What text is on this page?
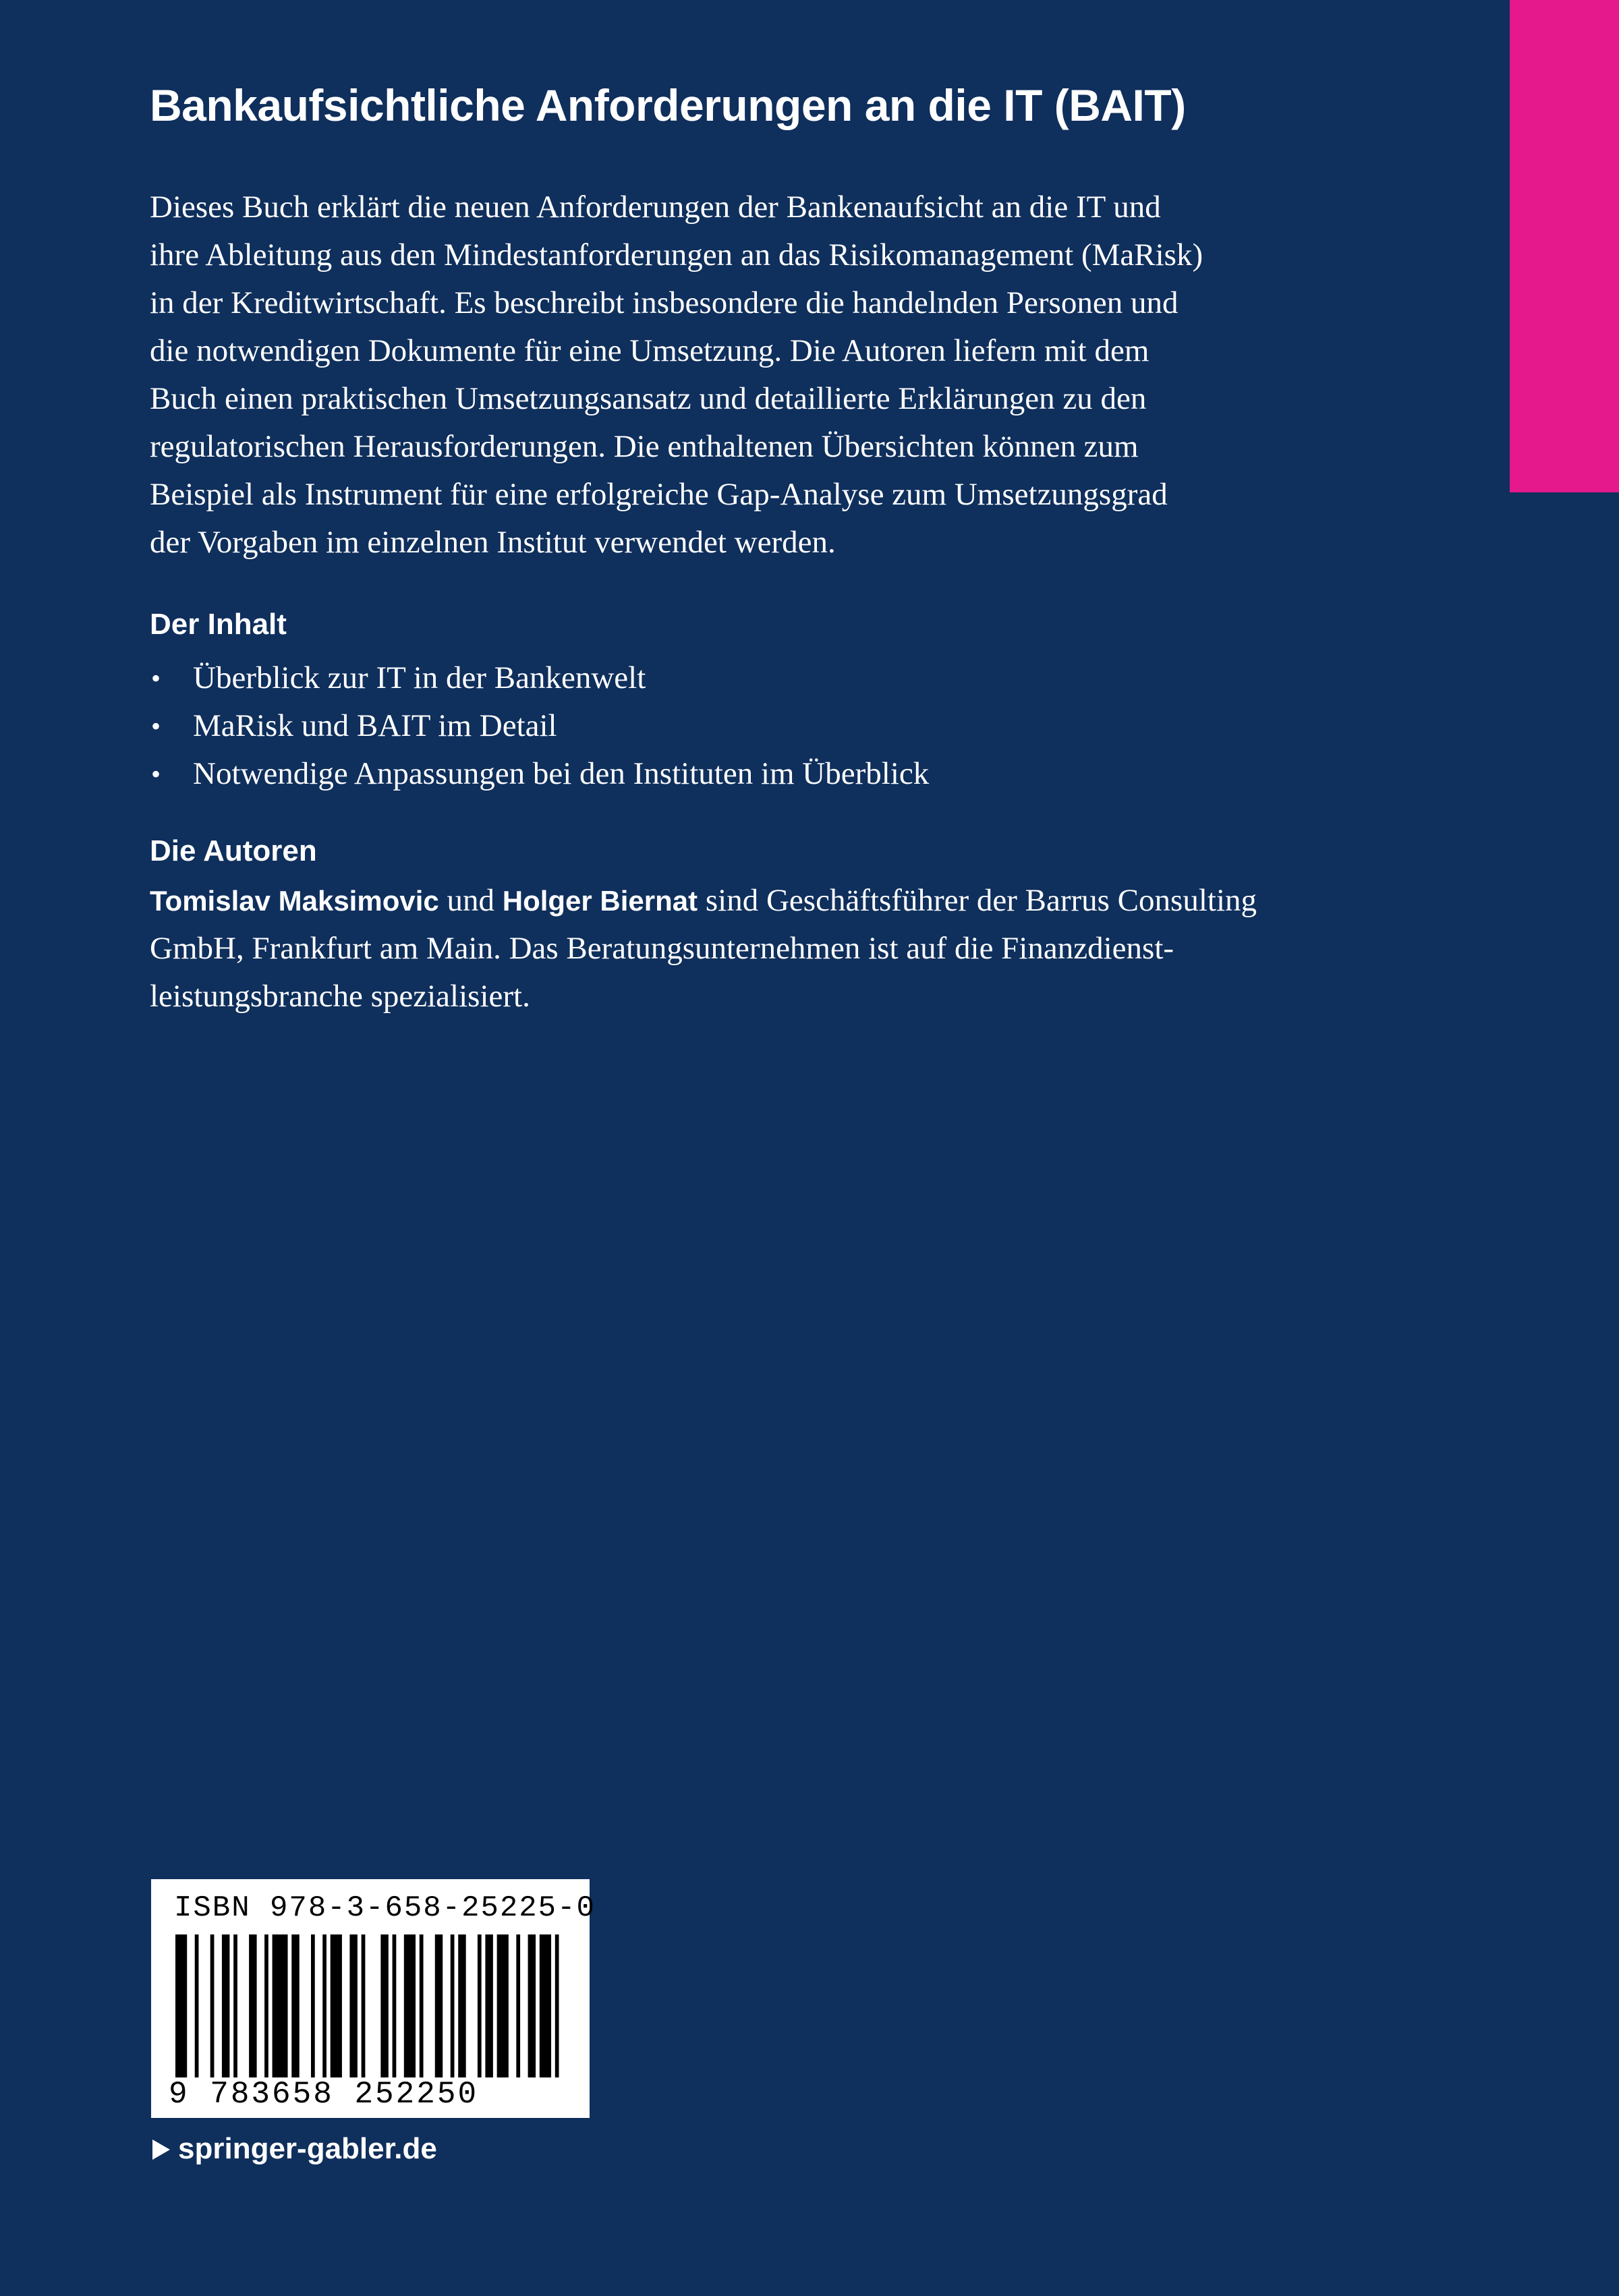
Bankaufsichtliche Anforderungen an die IT (BAIT)

Dieses Buch erklärt die neuen Anforderungen der Bankenaufsicht an die IT und
ihre Ableitung aus den Mindestanforderungen an das Risikomanagement (MaRisk)
in der Kreditwirtschaft. Es beschreibt insbesondere die handelnden Personen und
die notwendigen Dokumente für eine Umsetzung. Die Autoren liefern mit dem
Buch einen praktischen Umsetzungsansatz und detaillierte Erklärungen zu den
regulatorischen Herausforderungen. Die enthaltenen Übersichten können zum
Beispiel als Instrument für eine erfolgreiche Gap-Analyse zum Umsetzungsgrad
der Vorgaben im einzelnen Institut verwendet werden.

Der Inhalt
• Überblick zur IT in der Bankenwelt
• MaRisk und BAIT im Detail
• Notwendige Anpassungen bei den Instituten im Überblick
Die Autoren

Tomislav Maksimovic und Holger Biernat sind Geschäftsführer der Barrus Consulting
GmbH, Frankfurt am Main. Das Beratungsunternehmen ist auf die Finanzdienst-
leistungsbranche spezialisiert.

ISBN 978-3-658-25225-0
9 783658 252250
springer-gabler.de
